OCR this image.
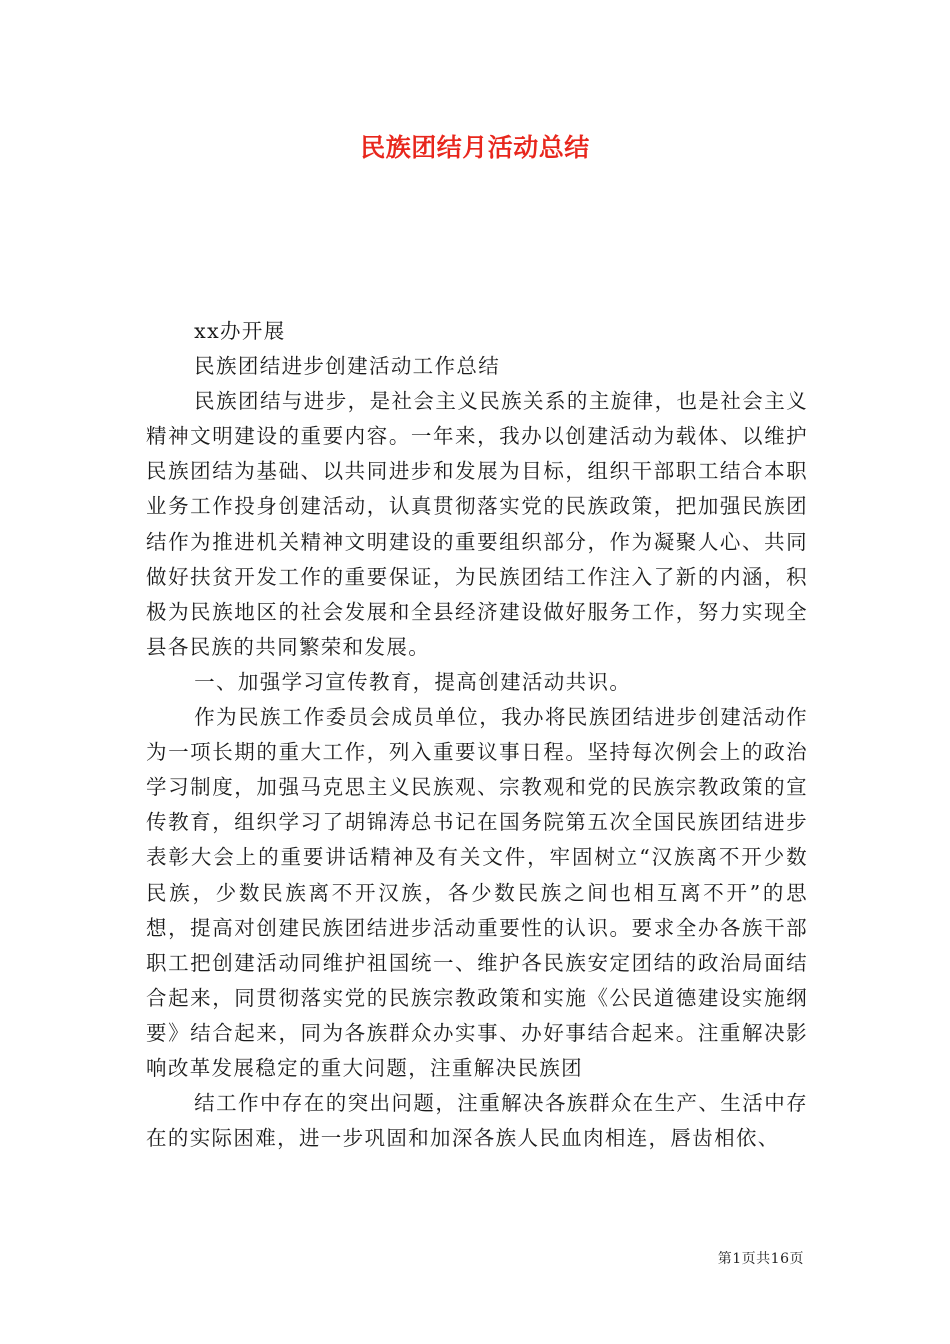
民族团结月活动总结

xx办开展

民族团结进步创建活动工作总结

民族团结与进步，是社会主义民族关系的主旋律，也是社会主义精神文明建设的重要内容。一年来，我办以创建活动为载体、以维护民族团结为基础、以共同进步和发展为目标，组织干部职工结合本职业务工作投身创建活动，认真贯彻落实党的民族政策，把加强民族团结作为推进机关精神文明建设的重要组织部分，作为凝聚人心、共同做好扶贫开发工作的重要保证，为民族团结工作注入了新的内涵，积极为民族地区的社会发展和全县经济建设做好服务工作，努力实现全县各民族的共同繁荣和发展。

一、加强学习宣传教育，提高创建活动共识。

作为民族工作委员会成员单位，我办将民族团结进步创建活动作为一项长期的重大工作，列入重要议事日程。坚持每次例会上的政治学习制度，加强马克思主义民族观、宗教观和党的民族宗教政策的宣传教育，组织学习了胡锦涛总书记在国务院第五次全国民族团结进步表彰大会上的重要讲话精神及有关文件，牢固树立“汉族离不开少数民族，少数民族离不开汉族，各少数民族之间也相互离不开”的思想，提高对创建民族团结进步活动重要性的认识。要求全办各族干部职工把创建活动同维护祖国统一、维护各民族安定团结的政治局面结合起来，同贯彻落实党的民族宗教政策和实施《公民道德建设实施纲要》结合起来，同为各族群众办实事、办好事结合起来。注重解决影响改革发展稳定的重大问题，注重解决民族团

结工作中存在的突出问题，注重解决各族群众在生产、生活中存在的实际困难，进一步巩固和加深各族人民血肉相连，唇齿相依、

第1页共16页
